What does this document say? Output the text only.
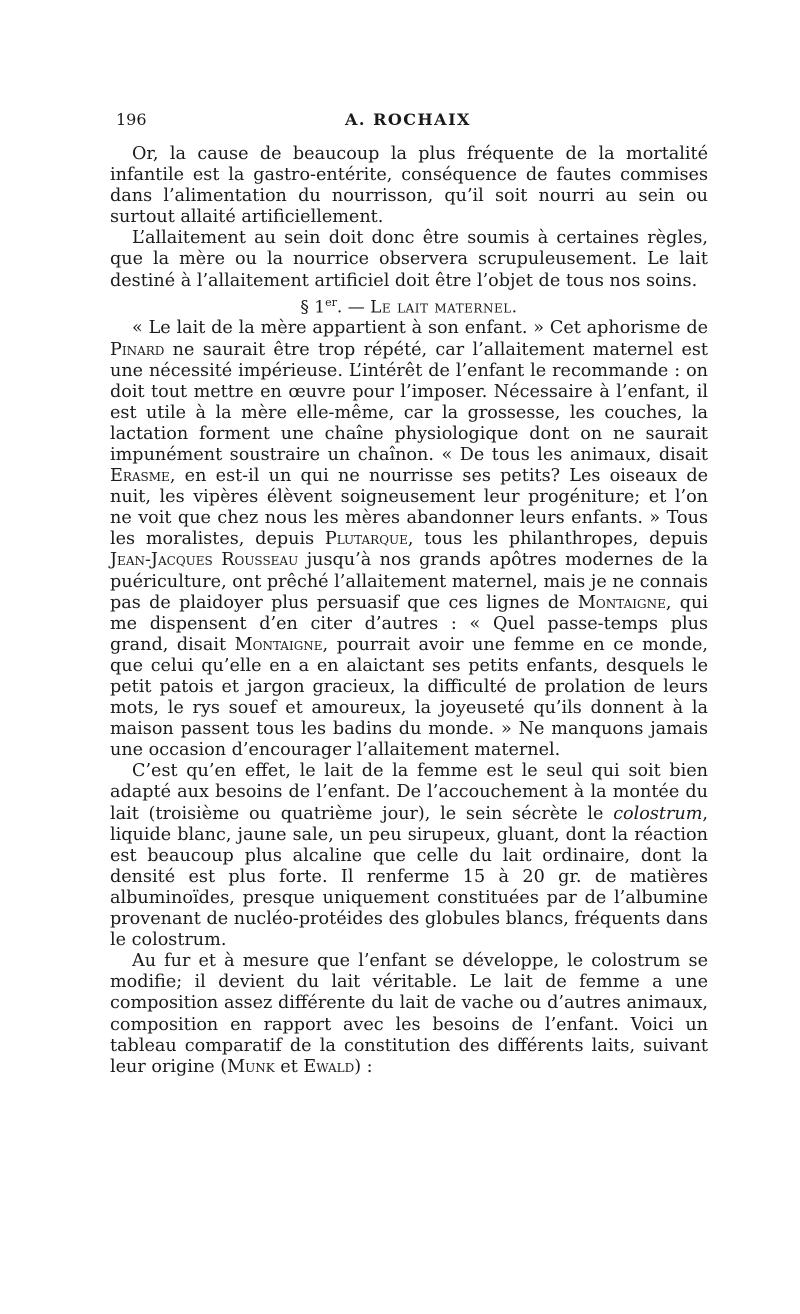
196	A. ROCHAIX

Or, la cause de beaucoup la plus fréquente de la mortalité infantile est la gastro-entérite, conséquence de fautes commises dans l’alimentation du nourrisson, qu’il soit nourri au sein ou surtout allaité artificiellement.

L’allaitement au sein doit donc être soumis à certaines règles, que la mère ou la nourrice observera scrupuleusement. Le lait destiné à l’allaitement artificiel doit être l’objet de tous nos soins.

§ 1er. — Le lait maternel.

« Le lait de la mère appartient à son enfant. » Cet aphorisme de Pinard ne saurait être trop répété, car l’allaitement maternel est une nécessité impérieuse. L’intérêt de l’enfant le recommande : on doit tout mettre en œuvre pour l’imposer. Nécessaire à l’enfant, il est utile à la mère elle-même, car la grossesse, les couches, la lactation forment une chaîne physiologique dont on ne saurait impunément soustraire un chaînon. « De tous les animaux, disait Erasme, en est-il un qui ne nourrisse ses petits? Les oiseaux de nuit, les vipères élèvent soigneusement leur progéniture; et l’on ne voit que chez nous les mères abandonner leurs enfants. » Tous les moralistes, depuis Plutarque, tous les philanthropes, depuis Jean-Jacques Rousseau jusqu’à nos grands apôtres modernes de la puériculture, ont prêché l’allaitement maternel, mais je ne connais pas de plaidoyer plus persuasif que ces lignes de Montaigne, qui me dispensent d’en citer d’autres : « Quel passe-temps plus grand, disait Montaigne, pourrait avoir une femme en ce monde, que celui qu’elle en a en alaictant ses petits enfants, desquels le petit patois et jargon gracieux, la difficulté de prolation de leurs mots, le rys souef et amoureux, la joyeuseté qu’ils donnent à la maison passent tous les badins du monde. » Ne manquons jamais une occasion d’encourager l’allaitement maternel.

C’est qu’en effet, le lait de la femme est le seul qui soit bien adapté aux besoins de l’enfant. De l’accouchement à la montée du lait (troisième ou quatrième jour), le sein sécrète le colostrum, liquide blanc, jaune sale, un peu sirupeux, gluant, dont la réaction est beaucoup plus alcaline que celle du lait ordinaire, dont la densité est plus forte. Il renferme 15 à 20 gr. de matières albuminoïdes, presque uniquement constituées par de l’albumine provenant de nucléo-protéides des globules blancs, fréquents dans le colostrum.

Au fur et à mesure que l’enfant se développe, le colostrum se modifie; il devient du lait véritable. Le lait de femme a une composition assez différente du lait de vache ou d’autres animaux, composition en rapport avec les besoins de l’enfant. Voici un tableau comparatif de la constitution des différents laits, suivant leur origine (Munk et Ewald) :
